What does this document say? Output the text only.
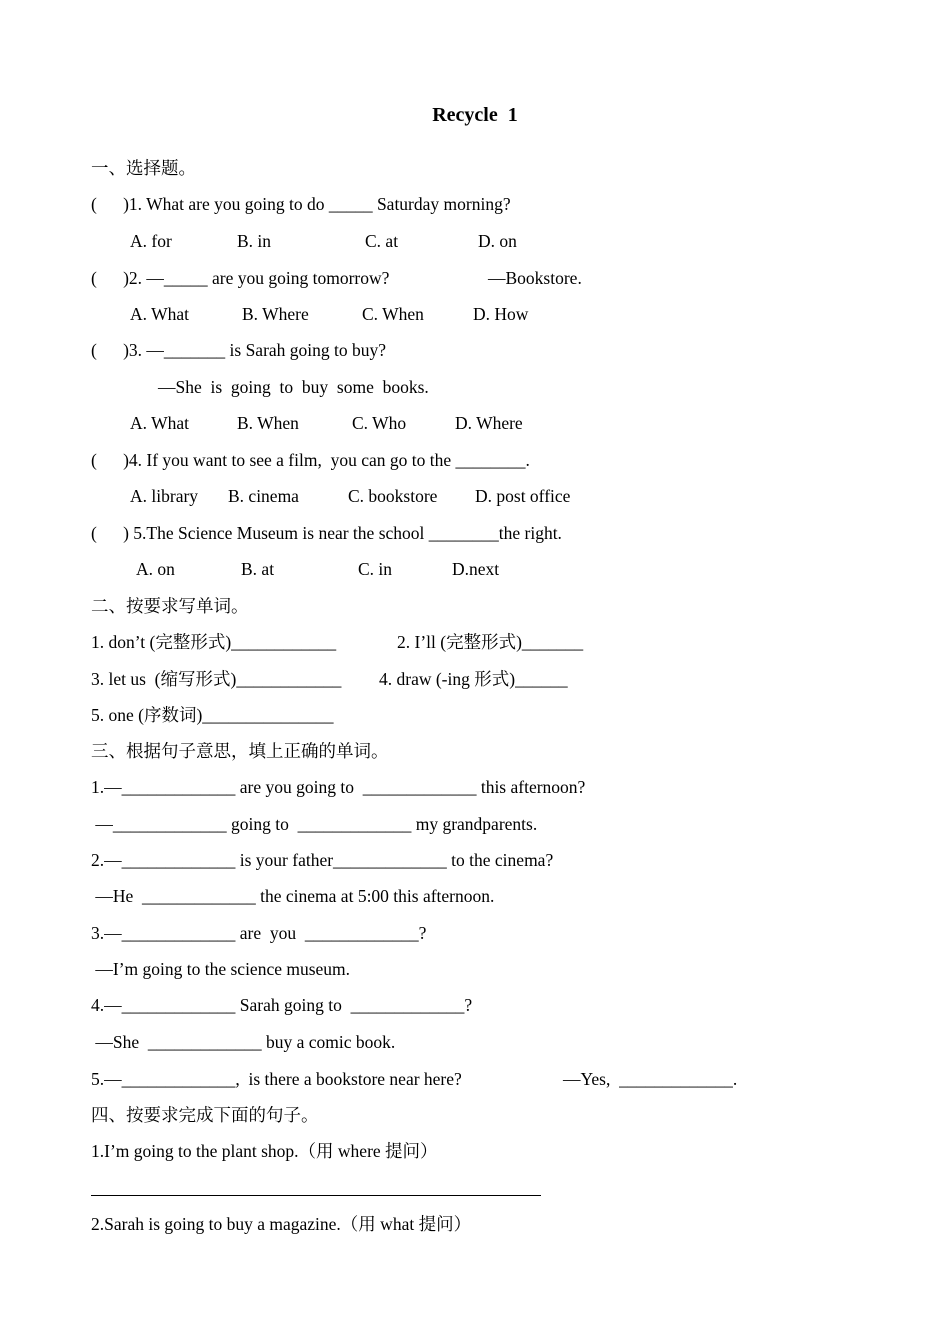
Recycle  1
一、选择题。
(      )1. What are you going to do _____ Saturday morning?
A. for	B. in	C. at	D. on
(      )2. —_____ are you going tomorrow?	—Bookstore.
A. What	B. Where	C. When	D. How
(      )3. —_______ is Sarah going to buy?
—She  is  going  to  buy  some  books.
A. What	B. When	C. Who	D. Where
(      )4. If you want to see a film,  you can go to the ________.
A. library B. cinema	C. bookstore D. post office
(      ) 5.The Science Museum is near the school ________the right.
A. on	B. at	C. in	D.next
二、按要求写单词。
1. don’t (完整形式)____________	2. I’ll (完整形式)_______
3. let us  (缩写形式)____________ 4. draw (-ing 形式)______
5. one (序数词)_______________
三、根据句子意思，填上正确的单词。
1.—_____________ are you going to  _____________ this afternoon?
—_____________ going to  _____________ my grandparents.
2.—_____________ is your father_____________ to the cinema?
—He  _____________ the cinema at 5:00 this afternoon.
3.—_____________ are  you  _____________?
—I’m going to the science museum.
4.—_____________ Sarah going to  _____________?
—She  _____________ buy a comic book.
5.—_____________,  is there a bookstore near here?	—Yes,  _____________.
四、按要求完成下面的句子。
1.I’m going to the plant shop.（用 where 提问）
2.Sarah is going to buy a magazine.（用 what 提问）
